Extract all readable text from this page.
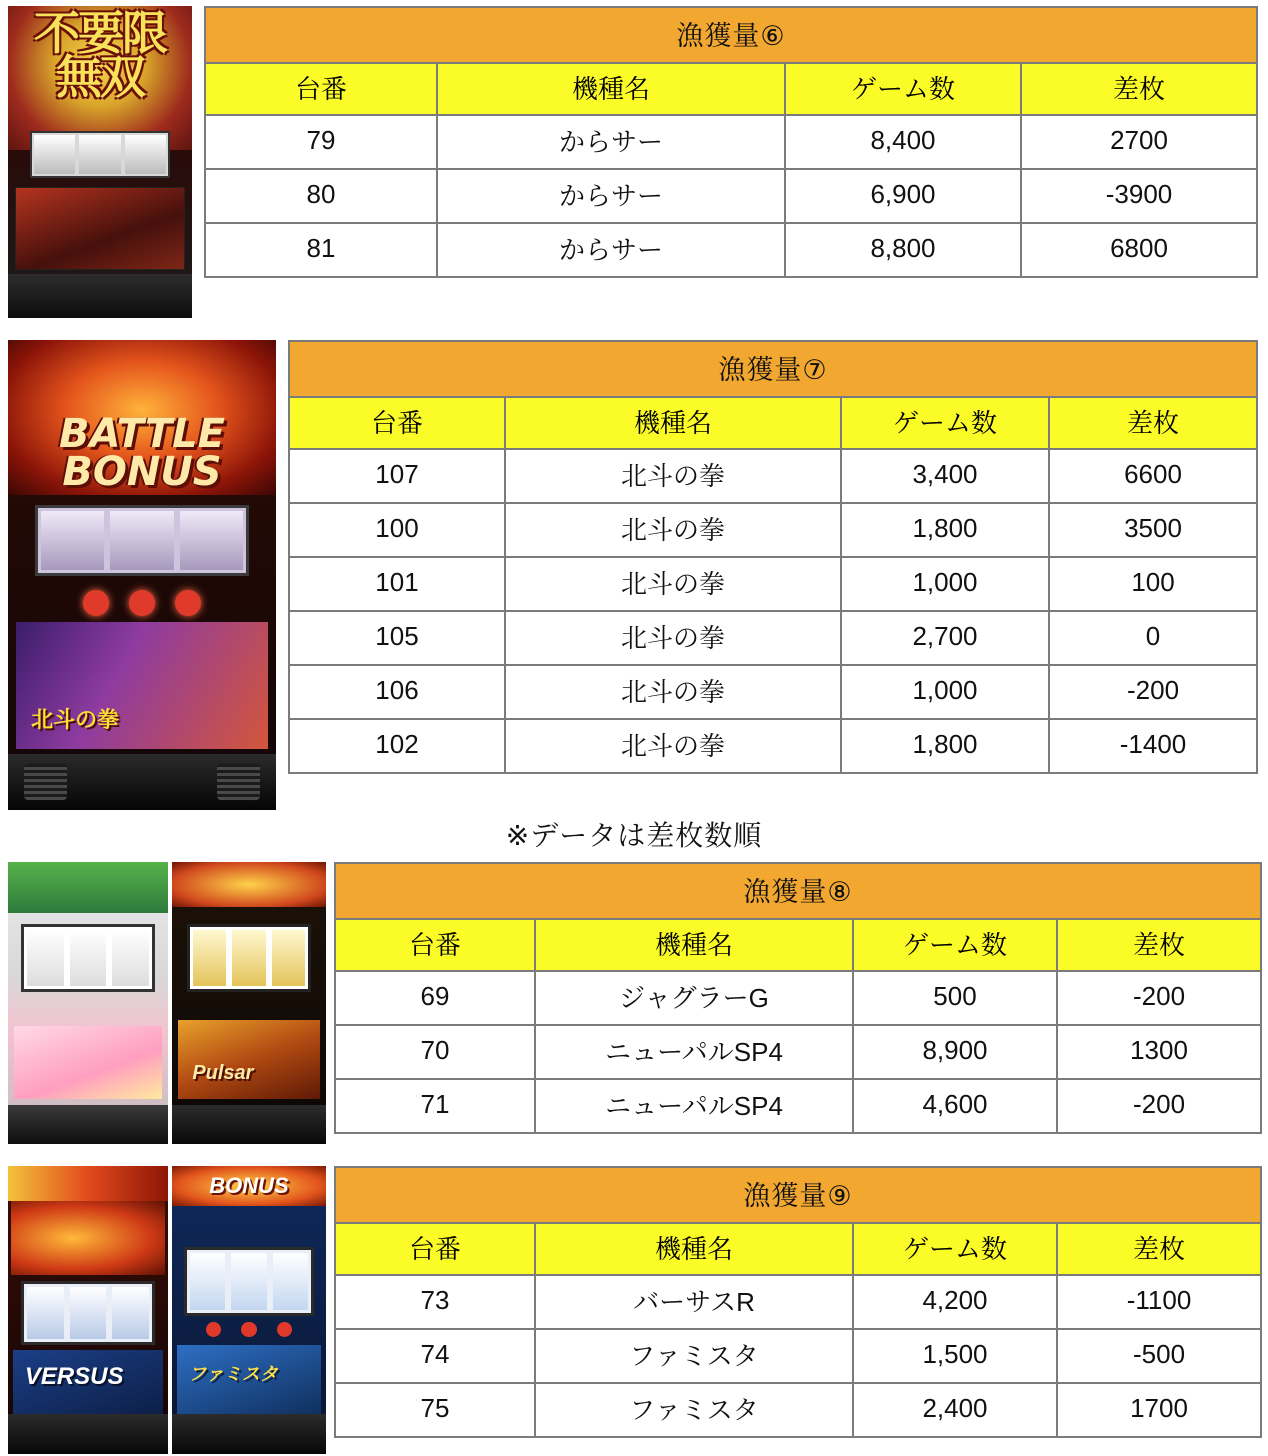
不要限
無双
漁獲量⑥			
台番	機種名	ゲーム数	差枚
79	からサー	8,400	2700
80	からサー	6,900	-3900
81	からサー	8,800	6800
BATTLE
BONUS
北斗の拳
漁獲量⑦			
台番	機種名	ゲーム数	差枚
107	北斗の拳	3,400	6600
100	北斗の拳	1,800	3500
101	北斗の拳	1,000	100
105	北斗の拳	2,700	0
106	北斗の拳	1,000	-200
102	北斗の拳	1,800	-1400
※データは差枚数順
Pulsar
漁獲量⑧			
台番	機種名	ゲーム数	差枚
69	ジャグラーG	500	-200
70	ニューパルSP4	8,900	1300
71	ニューパルSP4	4,600	-200
VERSUS
BONUS
ファミスタ
漁獲量⑨			
台番	機種名	ゲーム数	差枚
73	バーサスR	4,200	-1100
74	ファミスタ	1,500	-500
75	ファミスタ	2,400	1700
